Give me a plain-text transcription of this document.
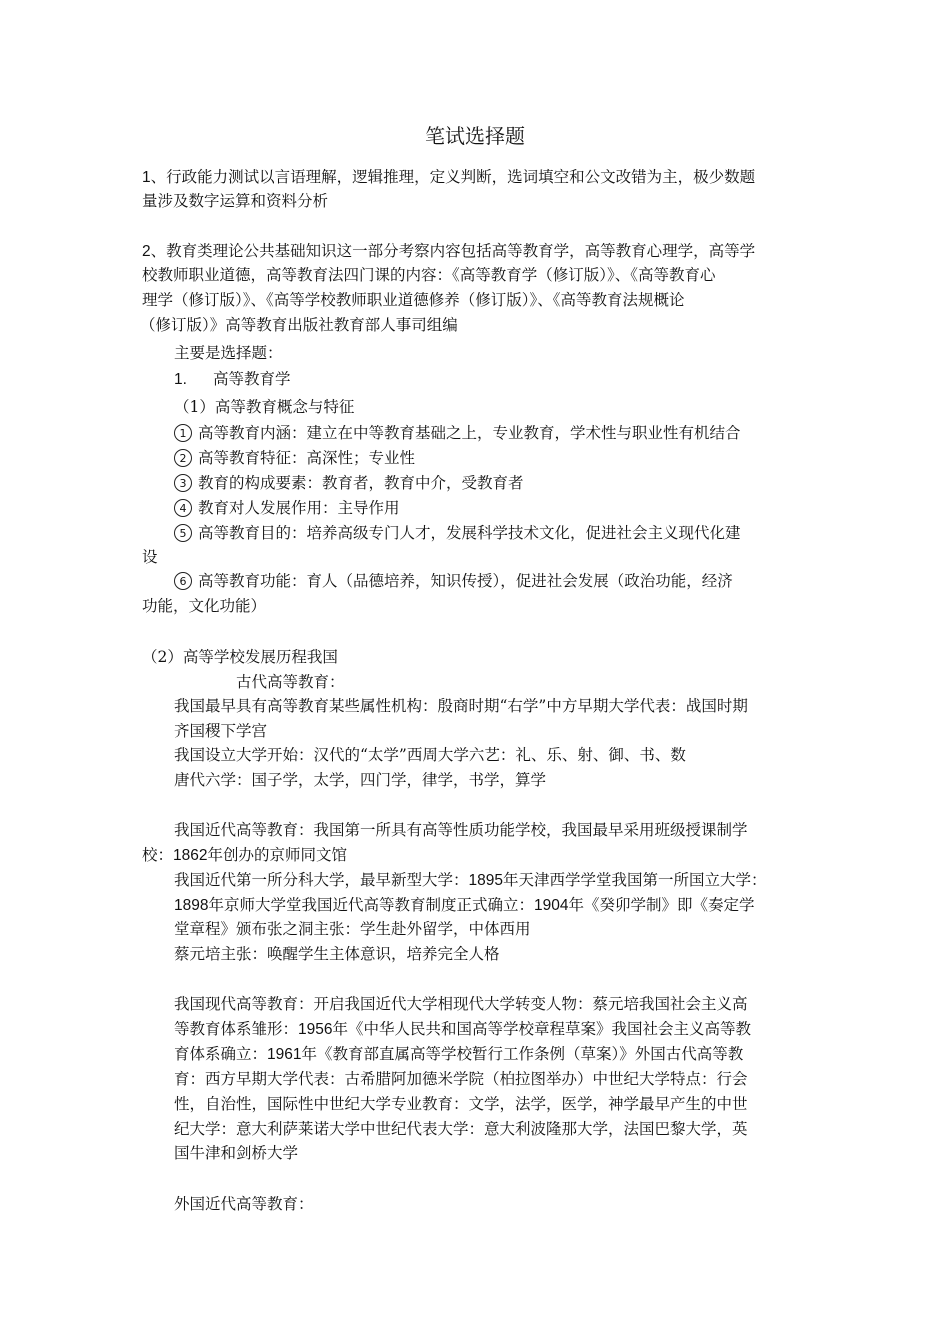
笔试选择题
1、行政能力测试以言语理解，逻辑推理，定义判断，选词填空和公文改错为主，极少数题
量涉及数字运算和资料分析
2、教育类理论公共基础知识这一部分考察内容包括高等教育学，高等教育心理学，高等学
校教师职业道德，高等教育法四门课的内容：《高等教育学（修订版）》、《高等教育心
理学（修订版）》、《高等学校教师职业道德修养（修订版）》、《高等教育法规概论
（修订版）》高等教育出版社教育部人事司组编
主要是选择题：
1. 高等教育学
（1）高等教育概念与特征
1 高等教育内涵：建立在中等教育基础之上，专业教育，学术性与职业性有机结合
2 高等教育特征：高深性；专业性
3 教育的构成要素：教育者，教育中介，受教育者
4 教育对人发展作用：主导作用
5 高等教育目的：培养高级专门人才，发展科学技术文化，促进社会主义现代化建
设
6 高等教育功能：育人（品德培养，知识传授），促进社会发展（政治功能，经济
功能，文化功能）
（2）高等学校发展历程我国
古代高等教育：
我国最早具有高等教育某些属性机构：殷商时期“右学”中方早期大学代表：战国时期
齐国稷下学宫
我国设立大学开始：汉代的“太学”西周大学六艺：礼、乐、射、御、书、数
唐代六学：国子学，太学，四门学，律学，书学，算学
我国近代高等教育：我国第一所具有高等性质功能学校，我国最早采用班级授课制学
校：1862年创办的京师同文馆
我国近代第一所分科大学，最早新型大学：1895年天津西学学堂我国第一所国立大学：
1898年京师大学堂我国近代高等教育制度正式确立：1904年《癸卯学制》即《奏定学
堂章程》颁布张之洞主张：学生赴外留学，中体西用
蔡元培主张：唤醒学生主体意识，培养完全人格
我国现代高等教育：开启我国近代大学相现代大学转变人物：蔡元培我国社会主义高
等教育体系雏形：1956年《中华人民共和国高等学校章程草案》我国社会主义高等教
育体系确立：1961年《教育部直属高等学校暂行工作条例（草案）》外国古代高等教
育：西方早期大学代表：古希腊阿加德米学院（柏拉图举办）中世纪大学特点：行会
性，自治性，国际性中世纪大学专业教育：文学，法学，医学，神学最早产生的中世
纪大学：意大利萨莱诺大学中世纪代表大学：意大利波隆那大学，法国巴黎大学，英
国牛津和剑桥大学
外国近代高等教育：
